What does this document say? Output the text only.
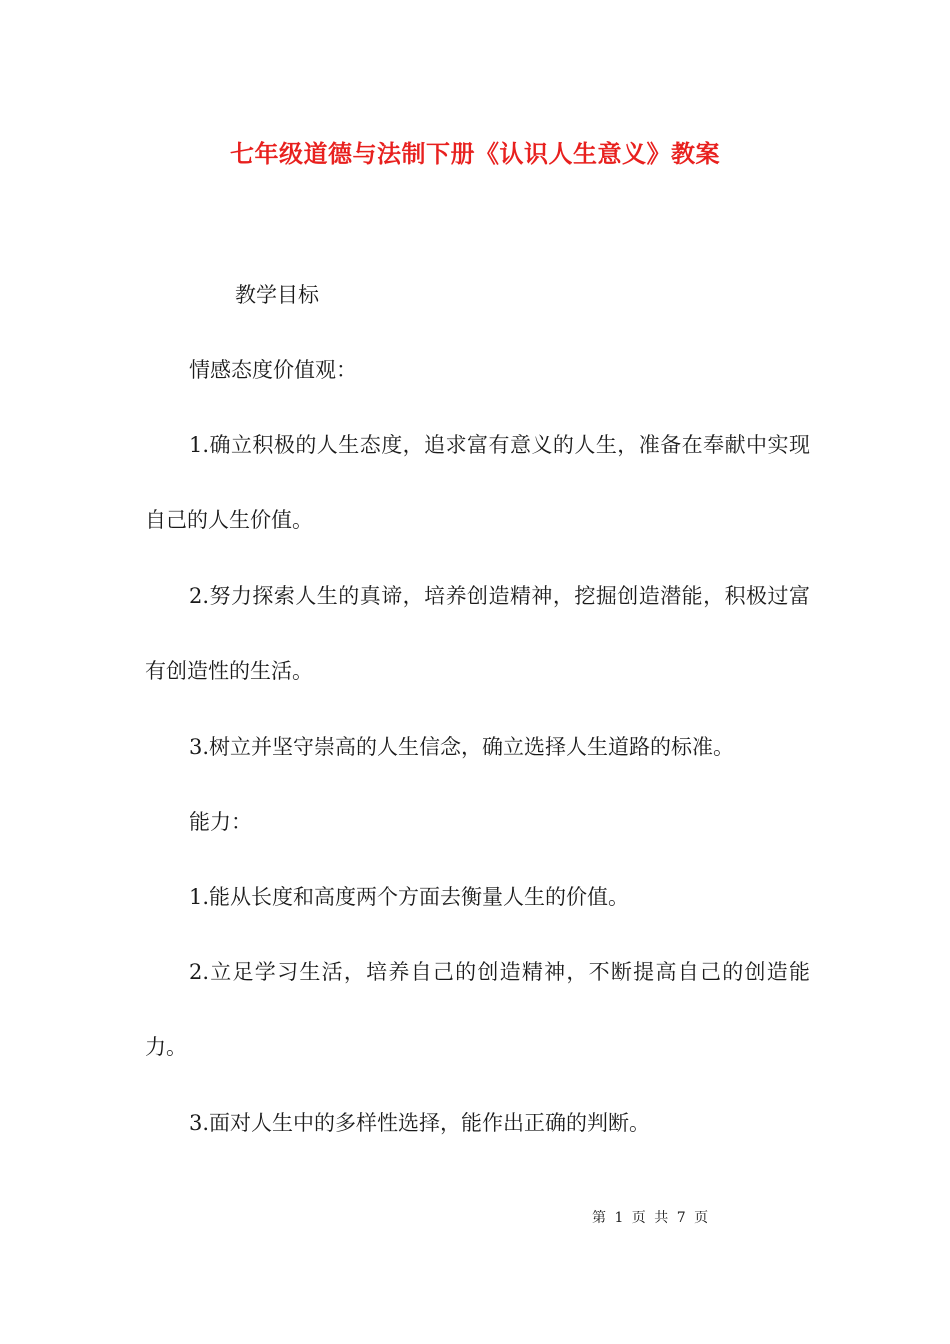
七年级道德与法制下册《认识人生意义》教案

教学目标

情感态度价值观：

1.确立积极的人生态度，追求富有意义的人生，准备在奉献中实现自己的人生价值。

2.努力探索人生的真谛，培养创造精神，挖掘创造潜能，积极过富有创造性的生活。

3.树立并坚守崇高的人生信念，确立选择人生道路的标准。

能力：

1.能从长度和高度两个方面去衡量人生的价值。

2.立足学习生活，培养自己的创造精神，不断提高自己的创造能力。

3.面对人生中的多样性选择，能作出正确的判断。

第 1 页 共 7 页
